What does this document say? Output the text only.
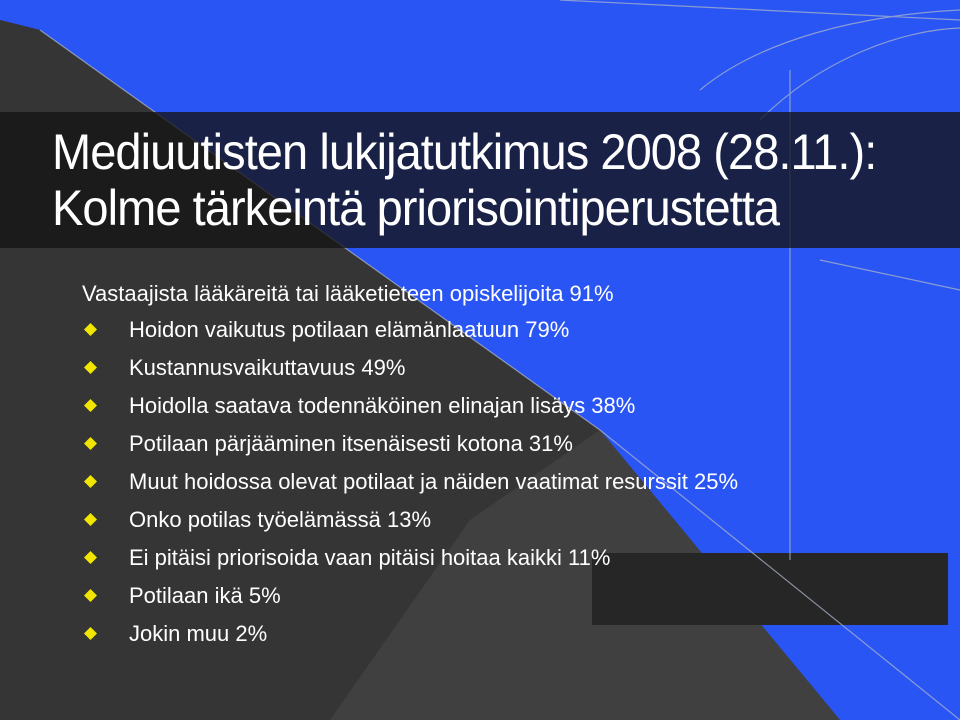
Mediuutisten lukijatutkimus 2008 (28.11.):
Kolme tärkeintä priorisointiperustetta
Vastaajista lääkäreitä tai lääketieteen opiskelijoita 91%
Hoidon vaikutus potilaan elämänlaatuun 79%
Kustannusvaikuttavuus 49%
Hoidolla saatava todennäköinen elinajan lisäys 38%
Potilaan pärjääminen itsenäisesti kotona 31%
Muut hoidossa olevat potilaat ja näiden vaatimat resurssit 25%
Onko potilas työelämässä 13%
Ei pitäisi priorisoida vaan pitäisi hoitaa kaikki 11%
Potilaan ikä 5%
Jokin muu 2%
